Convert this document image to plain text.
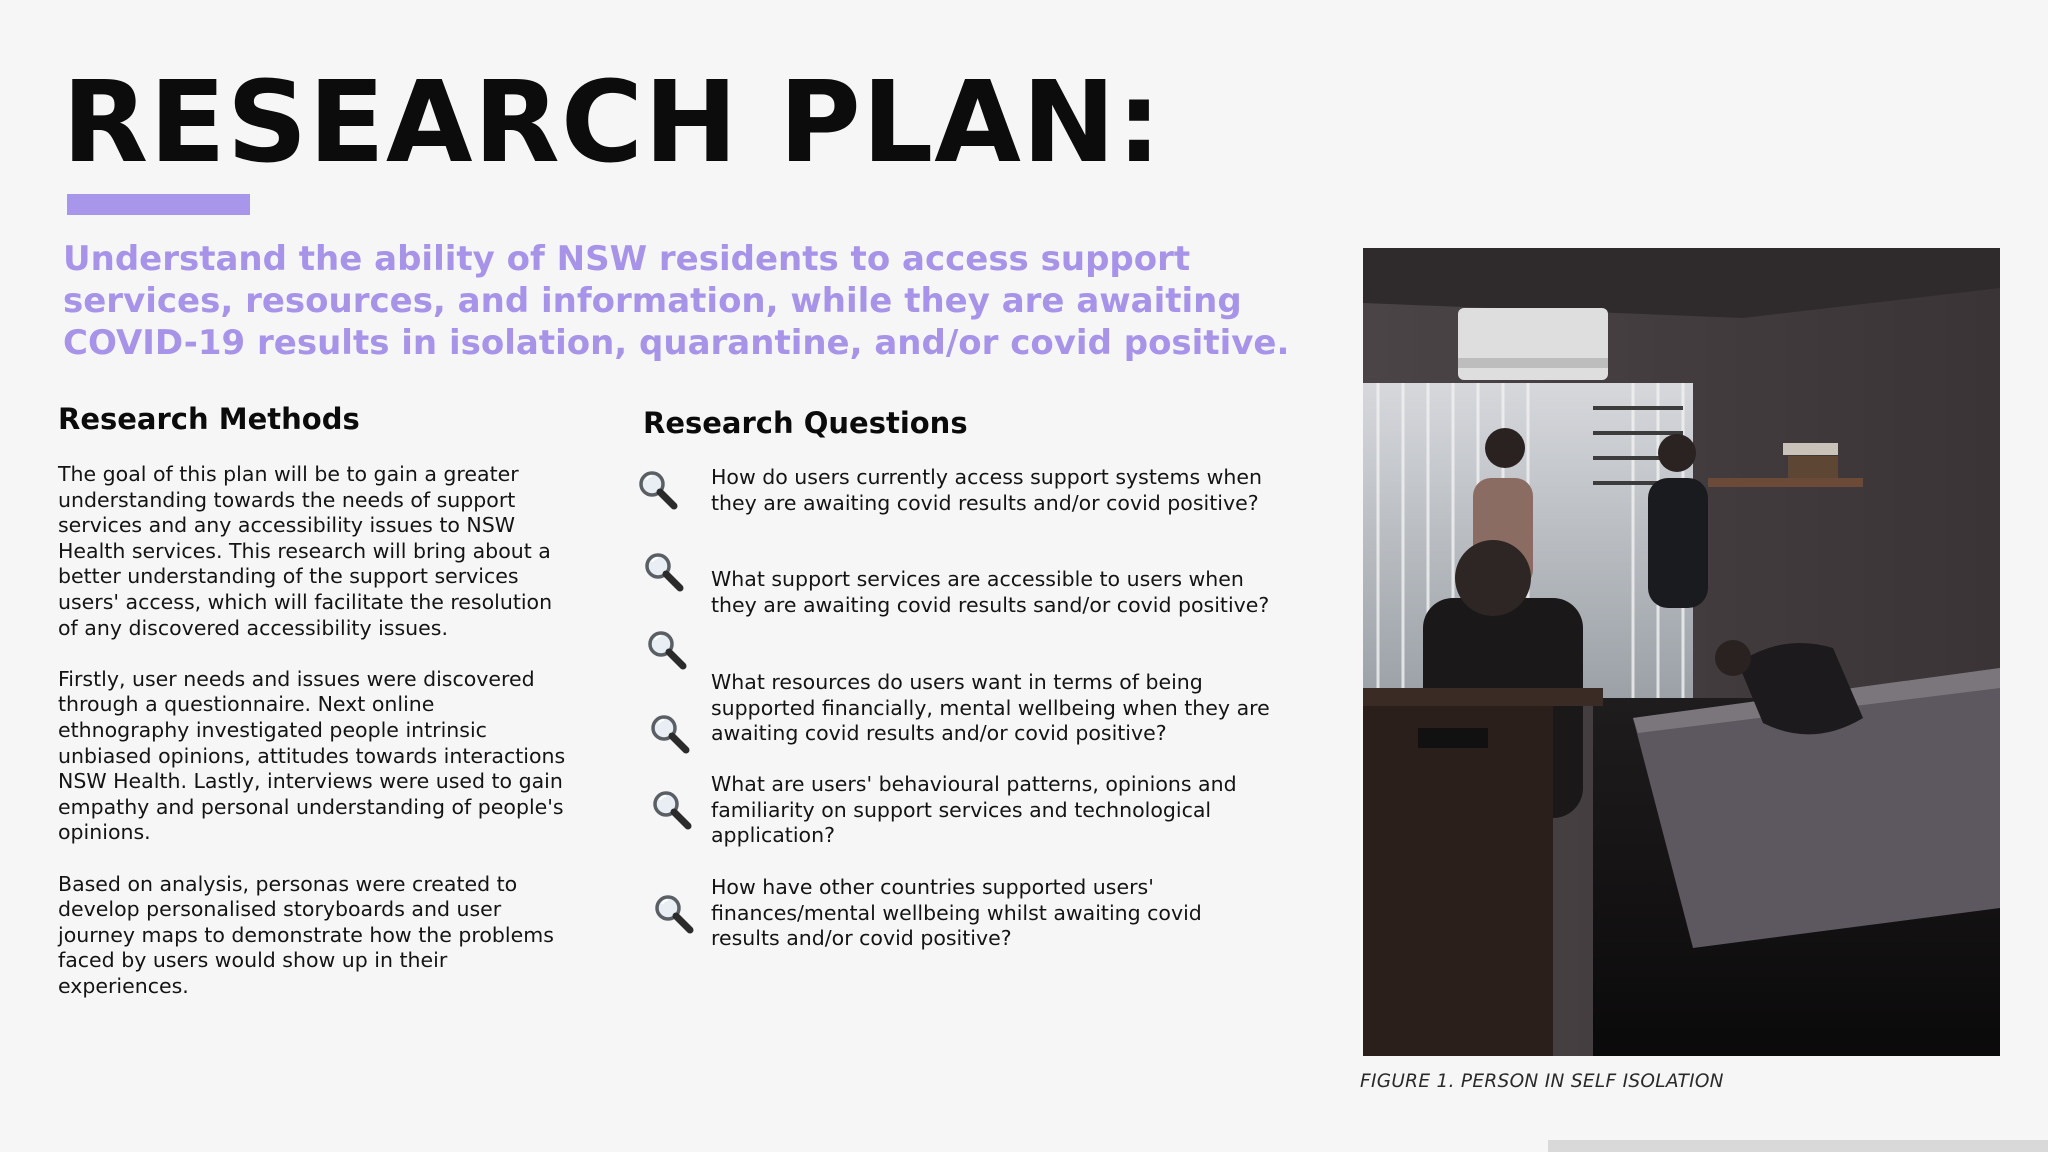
RESEARCH PLAN:

Understand the ability of NSW residents to access support services, resources, and information, while they are awaiting COVID-19 results in isolation, quarantine, and/or covid positive.

Research Methods

The goal of this plan will be to gain a greater understanding towards the needs of support services and any accessibility issues to NSW Health services. This research will bring about a better understanding of the support services users' access, which will facilitate the resolution of any discovered accessibility issues.

Firstly, user needs and issues were discovered through a questionnaire. Next online ethnography investigated people intrinsic unbiased opinions, attitudes towards interactions NSW Health. Lastly, interviews were used to gain empathy and personal understanding of people's opinions.

Based on analysis, personas were created to develop personalised storyboards and user journey maps to demonstrate how the problems faced by users would show up in their experiences.

Research Questions
How do users currently access support systems when they are awaiting covid results and/or covid positive?
What support services are accessible to users when they are awaiting covid results sand/or covid positive?
What resources do users want in terms of being supported financially, mental wellbeing when they are awaiting covid results and/or covid positive?
What are users' behavioural patterns, opinions and familiarity on support services and technological application?
How have other countries supported users' finances/mental wellbeing whilst awaiting covid results and/or covid positive?
FIGURE 1. PERSON IN SELF ISOLATION
